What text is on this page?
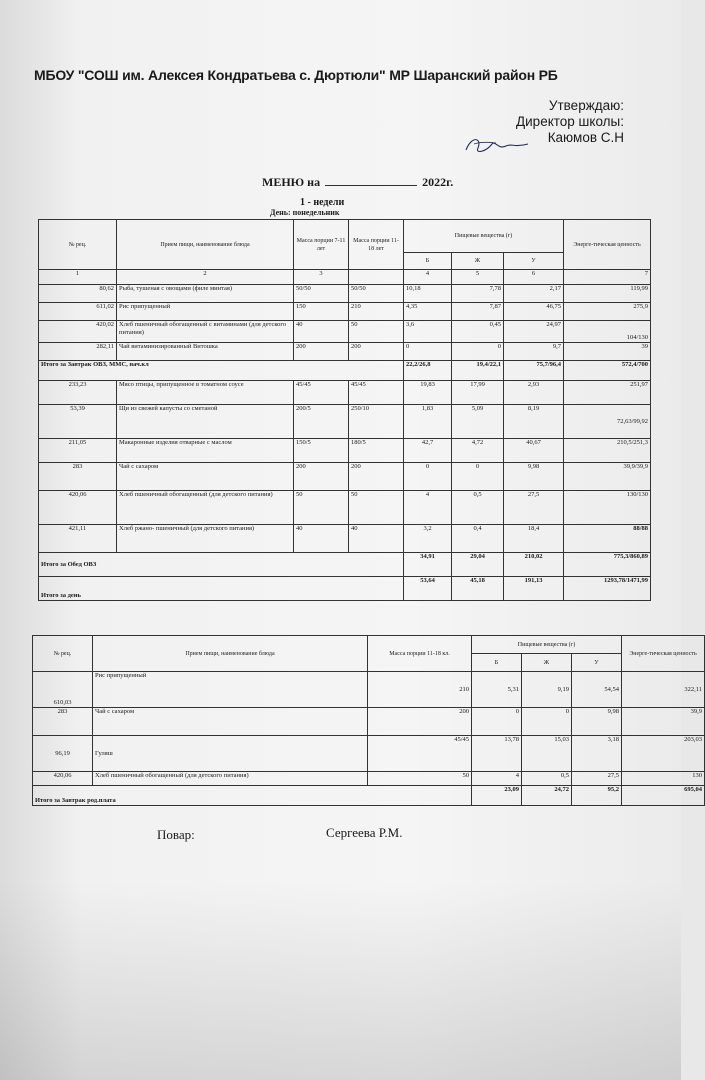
МБОУ "СОШ им. Алексея Кондратьева с. Дюртюли" МР Шаранский район РБ
Утверждаю:
Директор школы:
Каюмов С.Н
МЕНЮ на	2022г.
1 - недели
День: понедельник
№ рец.	Прием пищи, наименование блюда	Масса порции 7-11 лет	Масса порции 11-18 лет	Пищевые вещества (г)			Энерге-тическая ценность
				Б	Ж	У	
1	2	3		4	5	6	7
80,62	Рыба, тушеная с овощами (филе минтая)	50/50	50/50	10,18	7,78	2,17	119,99
611,02	Рис припущенный	150	210	4,35	7,87	46,75	275,9
420,02	Хлеб пшеничный обогащенный с витаминами (для детского питания)	40	50	3,6	0,45	24,97	104/130
282,11	Чай витаминизированный Витошка	200	200	0	0	9,7	39
Итого за Завтрак ОВЗ, ММС, нач.кл				22,2/26,8	19,4/22,1	75,7/96,4	572,4/700
233,23	Мясо птицы, припущенное в томатном соусе	45/45	45/45	19,83	17,99	2,93	251,97
53,39	Щи из свежей капусты со сметаной	200/5	250/10	1,83	5,09	8,19	72,63/99,92
211,05	Макаронные изделия отварные с маслом	150/5	180/5	42,7	4,72	40,67	210,5/251,3
283	Чай с сахаром	200	200	0	0	9,98	39,9/39,9
420,06	Хлеб пшеничный обогащенный (для детского питания)	50	50	4	0,5	27,5	130/130
421,11	Хлеб ржано- пшеничный (для детского питания)	40	40	3,2	0,4	18,4	88/88
Итого за Обед ОВЗ				34,91	29,04	210,02	775,3/860,89
Итого за день				53,64	45,18	191,13	1293,78/1471,99
№ рец.	Прием пищи, наименование блюда	Масса порции 11-18 кл.	Пищевые вещества (г)			Энерге-тическая ценность
			Б	Ж	У	
610,03	Рис припущенный	210	5,31	9,19	54,54	322,11
283	Чай с сахаром	200	0	0	9,98	39,9
96,19	Гуляш	45/45	13,78	15,03	3,18	203,03
420,06	Хлеб пшеничный обогащенный (для детского питания)	50	4	0,5	27,5	130
Итого за Завтрак род.плата			23,09	24,72	95,2	695,04
Повар:	Сергеева Р.М.
